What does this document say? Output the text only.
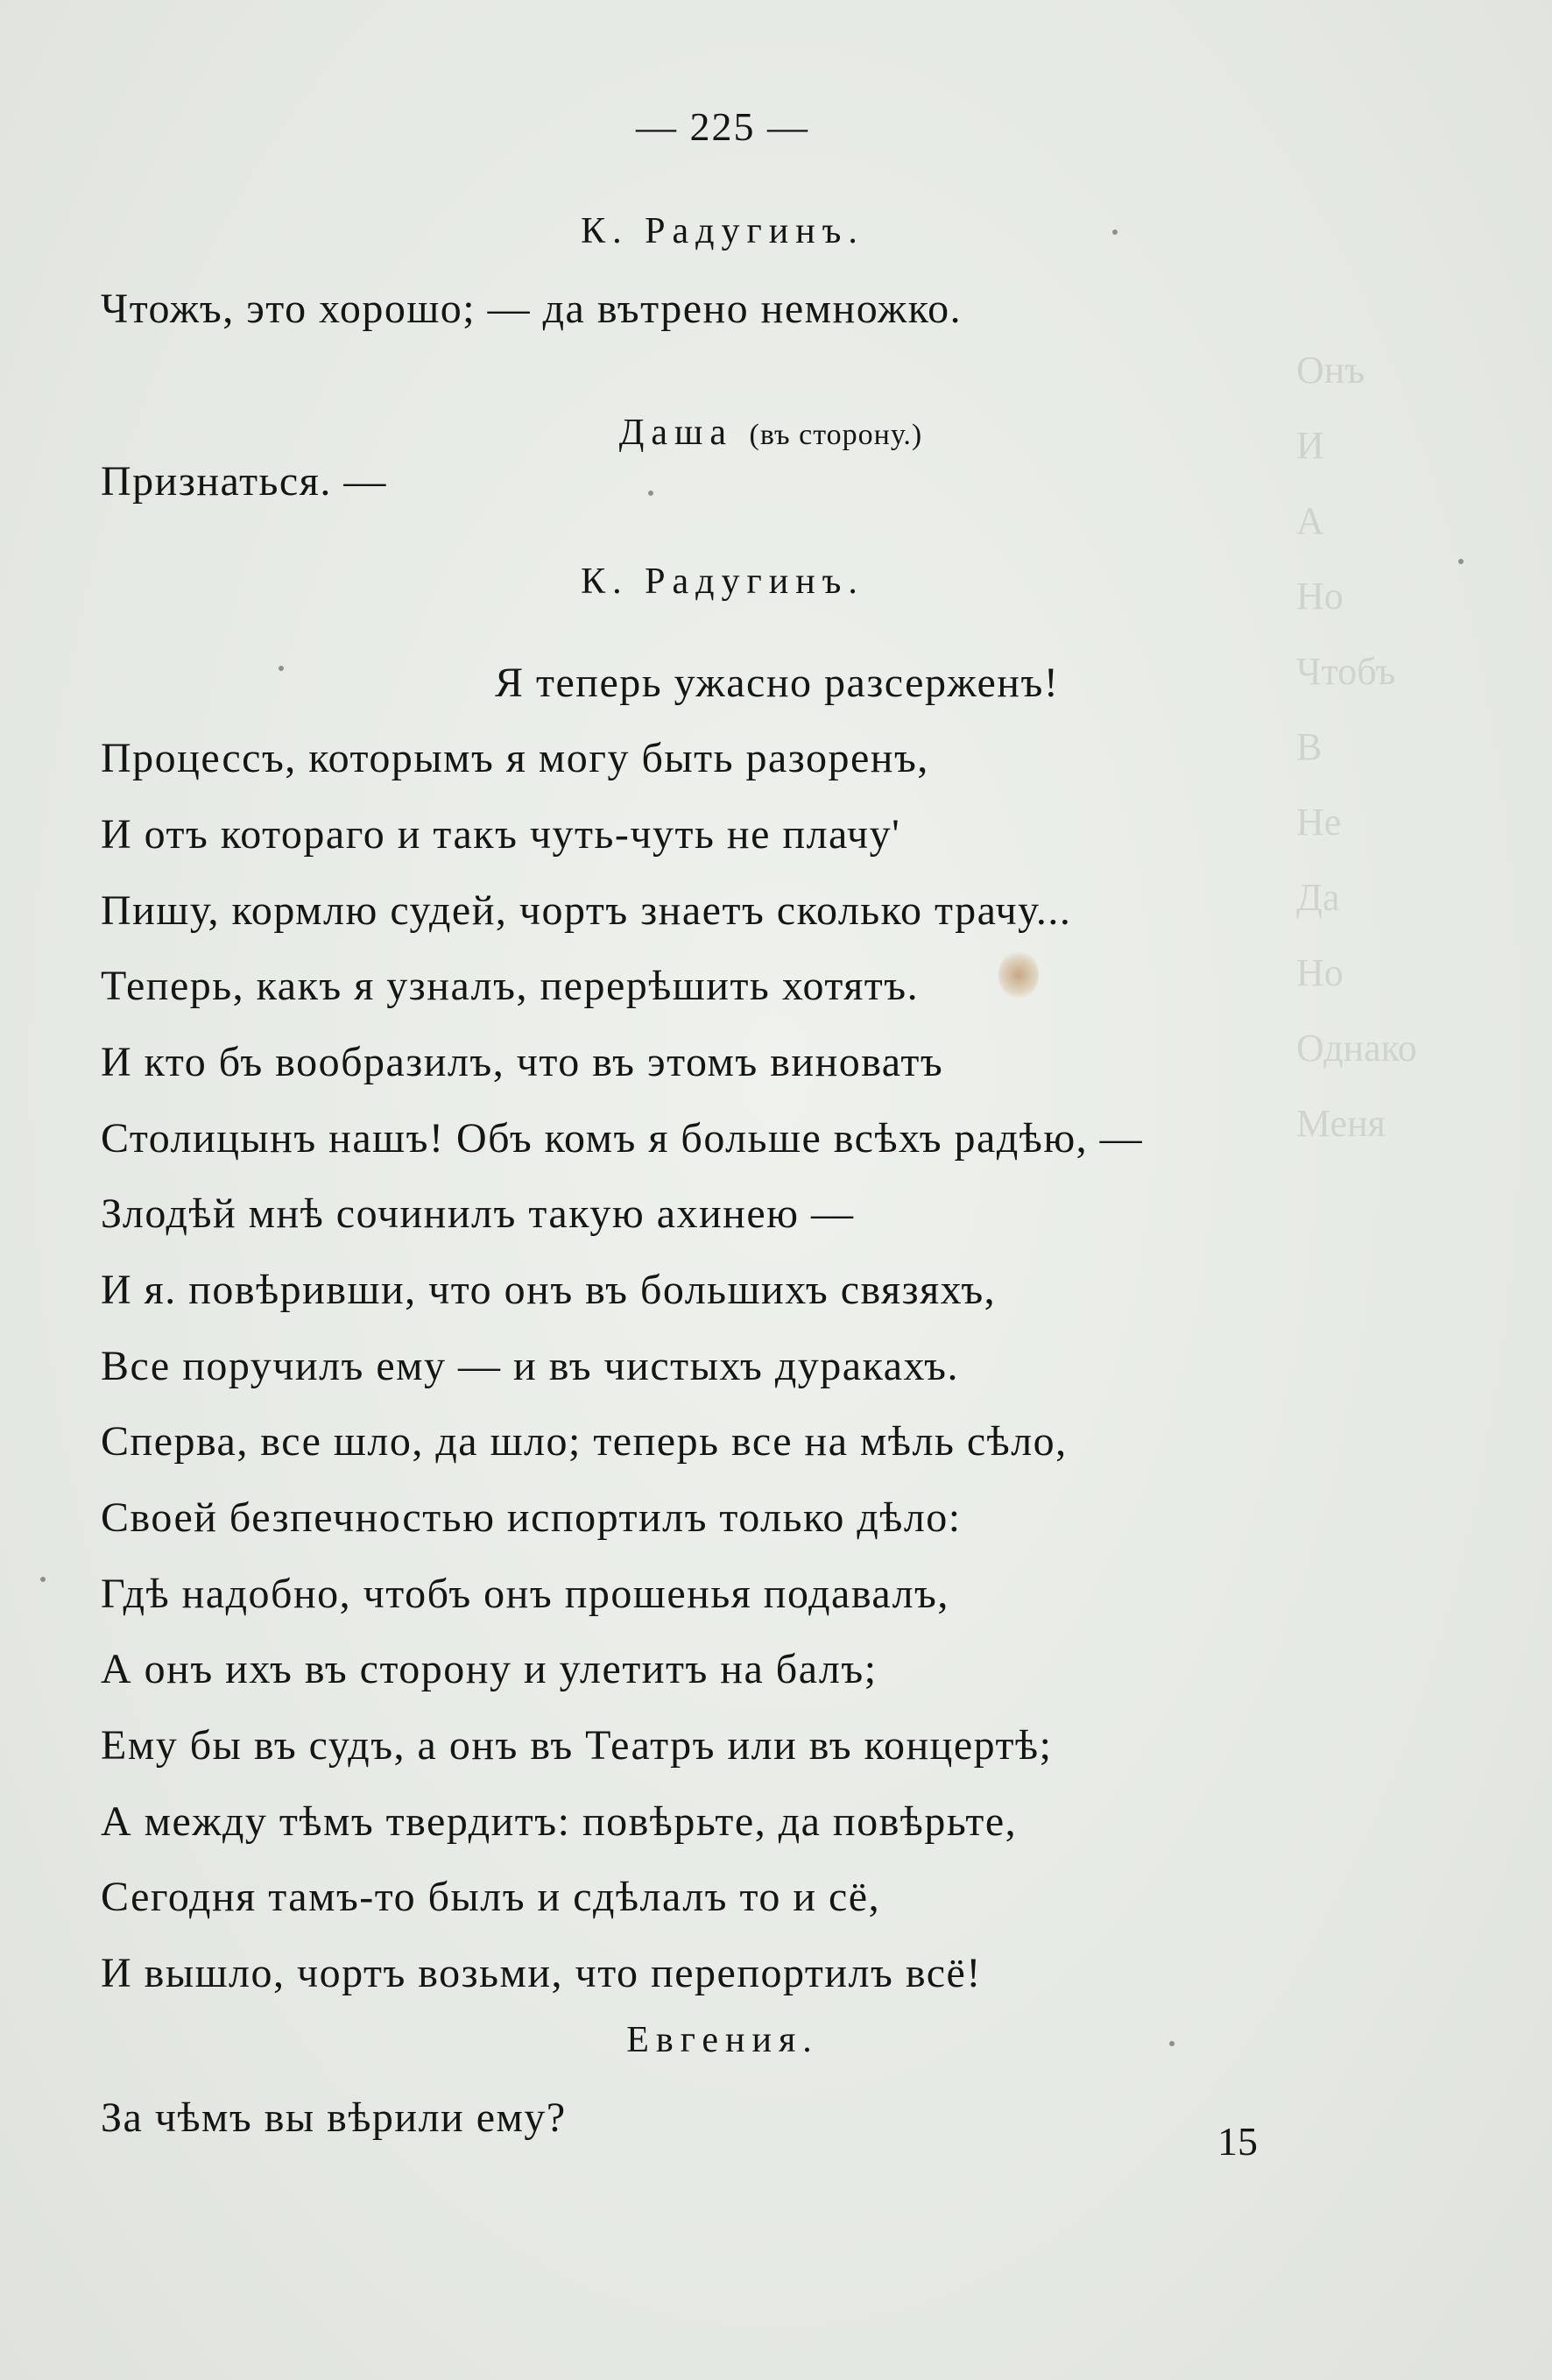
Онъ
И
А
Но
Чтобъ
В
Не
Да
Но
Однако
Меня
— 225 —
К. Радугинъ.
Чтожъ, это хорошо; — да вътрено немножко.
Даша (въ сторону.)
Признаться. —
К. Радугинъ.
Я теперь ужасно разсерженъ!
Процессъ, которымъ я могу быть разоренъ,
И отъ котораго и такъ чуть-чуть не плачу'
Пишу, кормлю судей, чортъ знаетъ сколько трачу...
Теперь, какъ я узналъ, перерѣшить хотятъ.
И кто бъ вообразилъ, что въ этомъ виноватъ
Столицынъ нашъ! Объ комъ я больше всѣхъ радѣю, —
Злодѣй мнѣ сочинилъ такую ахинею —
И я. повѣривши, что онъ въ большихъ связяхъ,
Все поручилъ ему — и въ чистыхъ дуракахъ.
Сперва, все шло, да шло; теперь все на мѣль сѣло,
Своей безпечностью испортилъ только дѣло:
Гдѣ надобно, чтобъ онъ прошенья подавалъ,
А онъ ихъ въ сторону и улетитъ на балъ;
Ему бы въ судъ, а онъ въ Театръ или въ концертѣ;
А между тѣмъ твердитъ: повѣрьте, да повѣрьте,
Сегодня тамъ-то былъ и сдѣлалъ то и сё,
И вышло, чортъ возьми, что перепортилъ всё!
Евгения.
За чѣмъ вы вѣрили ему?
15
